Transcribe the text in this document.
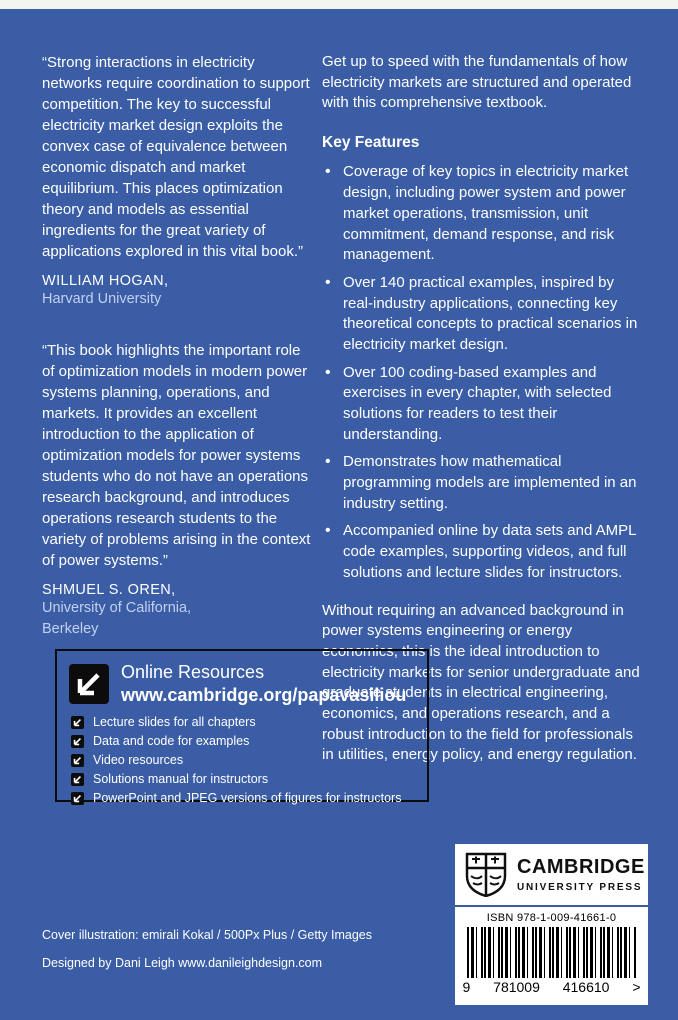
“Strong interactions in electricity networks require coordination to support competition. The key to successful electricity market design exploits the convex case of equivalence between economic dispatch and market equilibrium. This places optimization theory and models as essential ingredients for the great variety of applications explored in this vital book.”

WILLIAM HOGAN,
Harvard University

“This book highlights the important role of optimization models in modern power systems planning, operations, and markets. It provides an excellent introduction to the application of optimization models for power systems students who do not have an operations research background, and introduces operations research students to the variety of problems arising in the context of power systems.”

SHMUEL S. OREN,
University of California,
Berkeley

Get up to speed with the fundamentals of how electricity markets are structured and operated with this comprehensive textbook.

Key Features
• Coverage of key topics in electricity market design, including power system and power market operations, transmission, unit commitment, demand response, and risk management.
• Over 140 practical examples, inspired by real-industry applications, connecting key theoretical concepts to practical scenarios in electricity market design.
• Over 100 coding-based examples and exercises in every chapter, with selected solutions for readers to test their understanding.
• Demonstrates how mathematical programming models are implemented in an industry setting.
• Accompanied online by data sets and AMPL code examples, supporting videos, and full solutions and lecture slides for instructors.

Without requiring an advanced background in power systems engineering or energy economics, this is the ideal introduction to electricity markets for senior undergraduate and graduate students in electrical engineering, economics, and operations research, and a robust introduction to the field for professionals in utilities, energy policy, and energy regulation.

Online Resources
www.cambridge.org/papavasiliou
Lecture slides for all chapters
Data and code for examples
Video resources
Solutions manual for instructors
PowerPoint and JPEG versions of figures for instructors
Cover illustration: emirali Kokal / 500Px Plus / Getty Images
Designed by Dani Leigh www.danileighdesign.com
CAMBRIDGE
UNIVERSITY PRESS
ISBN 978-1-009-41661-0
9 781009 416610 >
